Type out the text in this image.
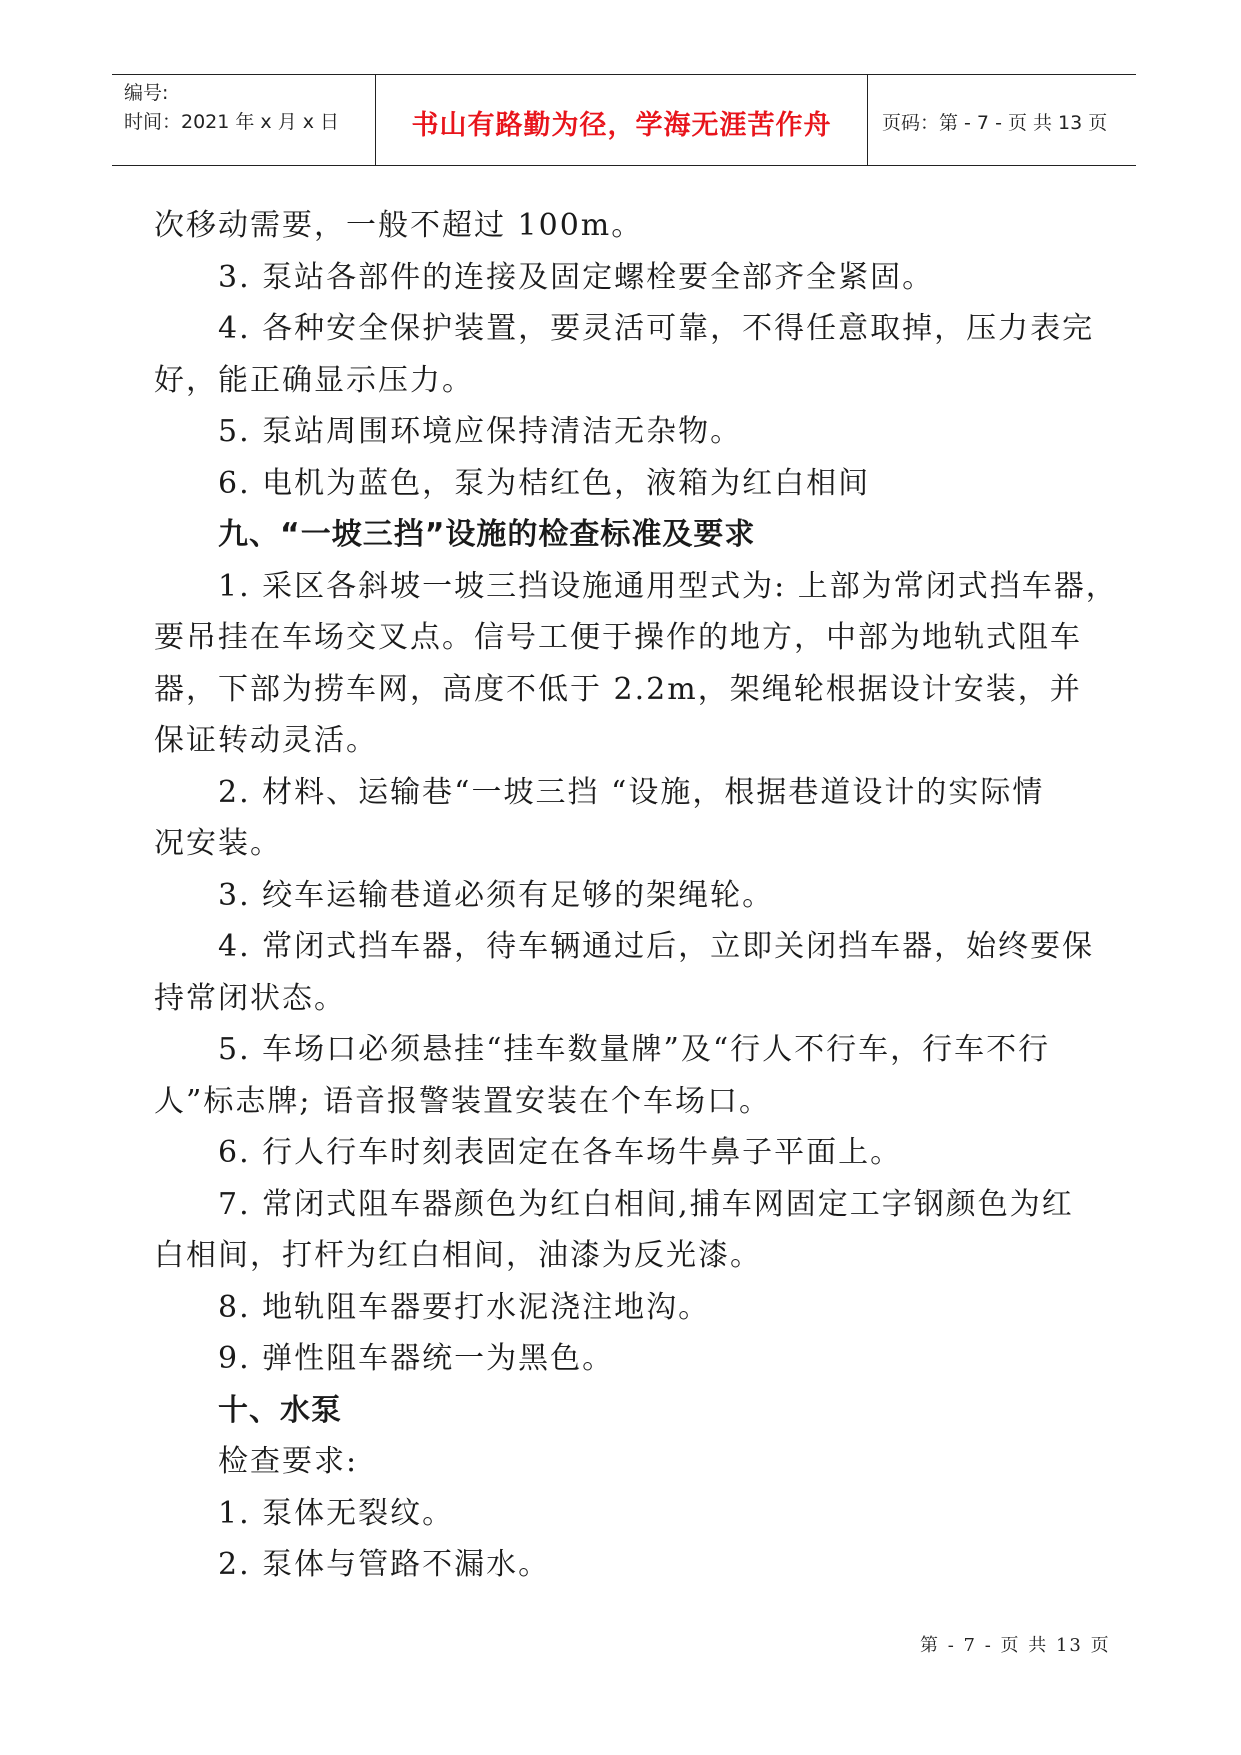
编号:
时间：2021 年 x 月 x 日	书山有路勤为径，学海无涯苦作舟	页码：第 - 7 - 页 共 13 页
次移动需要，一般不超过 100m。
3. 泵站各部件的连接及固定螺栓要全部齐全紧固。
4. 各种安全保护装置，要灵活可靠，不得任意取掉，压力表完
好，能正确显示压力。
5. 泵站周围环境应保持清洁无杂物。
6. 电机为蓝色，泵为桔红色，液箱为红白相间
九、“一坡三挡”设施的检查标准及要求
1. 采区各斜坡一坡三挡设施通用型式为: 上部为常闭式挡车器，
要吊挂在车场交叉点。信号工便于操作的地方，中部为地轨式阻车
器，下部为捞车网，高度不低于 2.2m，架绳轮根据设计安装，并
保证转动灵活。
2. 材料、运输巷“一坡三挡 “设施，根据巷道设计的实际情
况安装。
3. 绞车运输巷道必须有足够的架绳轮。
4. 常闭式挡车器，待车辆通过后，立即关闭挡车器，始终要保
持常闭状态。
5. 车场口必须悬挂“挂车数量牌”及“行人不行车，行车不行
人”标志牌; 语音报警装置安装在个车场口。
6. 行人行车时刻表固定在各车场牛鼻子平面上。
7. 常闭式阻车器颜色为红白相间,捕车网固定工字钢颜色为红
白相间，打杆为红白相间，油漆为反光漆。
8. 地轨阻车器要打水泥浇注地沟。
9. 弹性阻车器统一为黑色。
十、水泵
检查要求:
1. 泵体无裂纹。
2. 泵体与管路不漏水。
第 - 7 - 页 共 13 页
